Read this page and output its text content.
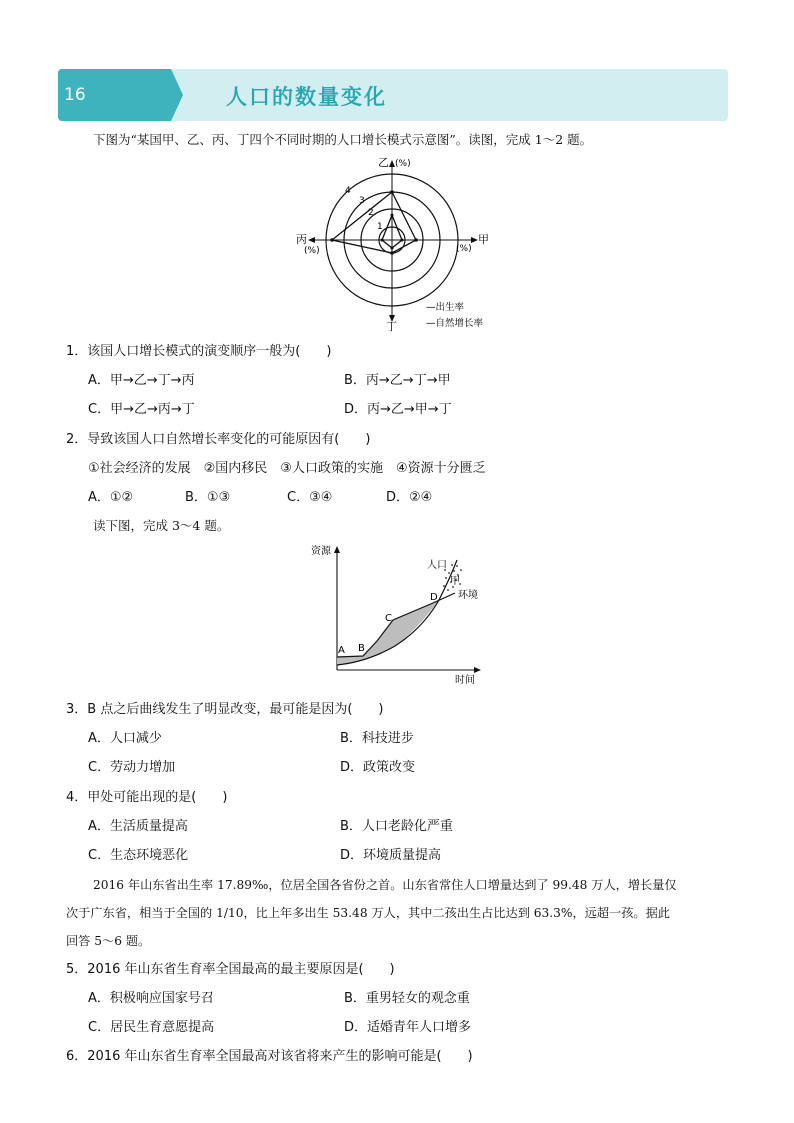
16	人口的数量变化
下图为“某国甲、乙、丙、丁四个不同时期的人口增长模式示意图”。读图，完成 1～2 题。
1
2
3
4
乙 (%)
甲
(%)
丙
(%)
丁
—出生率
—自然增长率
1．该国人口增长模式的演变顺序一般为(　　)
A．甲→乙→丁→丙	B．丙→乙→丁→甲
C．甲→乙→丙→丁	D．丙→乙→甲→丁
2．导致该国人口自然增长率变化的可能原因有(　　)
①社会经济的发展　②国内移民　③人口政策的实施　④资源十分匮乏
A．①②	B．①③	C．③④	D．②④
读下图，完成 3～4 题。
资源
时间
A B
C
D
人口
甲
环境
3．B 点之后曲线发生了明显改变，最可能是因为(　　)
A．人口减少	B．科技进步
C．劳动力增加	D．政策改变
4．甲处可能出现的是(　　)
A．生活质量提高	B．人口老龄化严重
C．生态环境恶化	D．环境质量提高
2016 年山东省出生率 17.89‰，位居全国各省份之首。山东省常住人口增量达到了 99.48 万人，增长量仅
次于广东省，相当于全国的 1/10，比上年多出生 53.48 万人，其中二孩出生占比达到 63.3%，远超一孩。据此
回答 5～6 题。
5．2016 年山东省生育率全国最高的最主要原因是(　　)
A．积极响应国家号召	B．重男轻女的观念重
C．居民生育意愿提高	D．适婚青年人口增多
6．2016 年山东省生育率全国最高对该省将来产生的影响可能是(　　)
